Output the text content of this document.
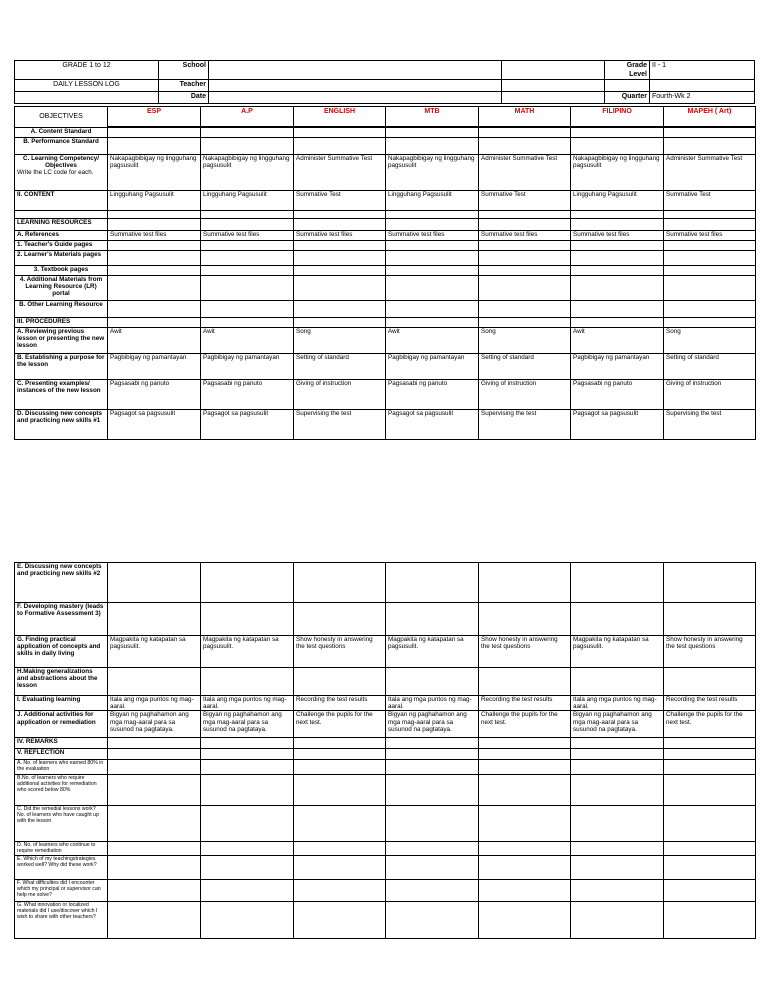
GRADE 1 to 12	School			Grade Level	II - 1
DAILY LESSON LOG	Teacher				
	Date			Quarter	Fourth-Wk 2
OBJECTIVES	ESP	A.P	ENGLISH	MTB	MATH	FILIPINO	MAPEH ( Art)

A. Content Standard							
B. Performance Standard							
C. Learning Competency/ Objectives
Write the LC code for each.	Nakapagbibigay ng lingguhang pagsusulit	Nakapagbibigay ng lingguhang pagsusulit	Administer Summative Test	Nakapagbibigay ng lingguhang pagsusulit	Administer Summative Test	Nakapagbibigay ng lingguhang pagsusulit	Administer Summative Test
II. CONTENT	Lingguhang Pagsusulit	Lingguhang Pagsusulit	Summative Test	Lingguhang Pagsusulit	Summative Test	Lingguhang Pagsusulit	Summative Test

LEARNING RESOURCES							
A. References	Summative test files	Summative test files	Summative test files	Summative test files	Summative test files	Summative test files	Summative test files
1. Teacher's Guide pages							
2. Learner's Materials pages							
3. Textbook pages							
4. Additional Materials from Learning Resource (LR) portal							
B. Other Learning Resource							
III. PROCEDURES							
A. Reviewing previous lesson or presenting the new lesson	Awit	Awit	Song	Awit	Song	Awit	Song
B. Establishing a purpose for the lesson	Pagbibigay ng pamantayan	Pagbibigay ng pamantayan	Setting of standard	Pagbibigay ng pamantayan	Setting of standard	Pagbibigay ng pamantayan	Setting of standard
C. Presenting examples/ instances of the new lesson	Pagsasabi ng panuto	Pagsasabi ng panuto	Giving of instruction	Pagsasabi ng panuto	Giving of instruction	Pagsasabi ng panuto	Giving of instruction
D. Discussing new concepts and practicing new skills #1	Pagsagot sa pagsusulit	Pagsagot sa pagsusulit	Supervising the test	Pagsagot sa pagsusulit	Supervising the test	Pagsagot sa pagsusulit	Supervising the test
E. Discussing new concepts and practicing new skills #2							
F. Developing mastery (leads to Formative Assessment 3)							
G. Finding practical application of concepts and skills in daily living	Magpakita ng katapatan sa pagsusulit.	Magpakita ng katapatan sa pagsusulit.	Show honesty in answering the test questions	Magpakita ng katapatan sa pagsusulit.	Show honesty in answering the test questions	Magpakita ng katapatan sa pagsusulit.	Show honesty in answering the test questions
H.Making generalizations and abstractions about the lesson							
I. Evaluating learning	Itala ang mga puntos ng mag-aaral.	Itala ang mga puntos ng mag-aaral.	Recording the test results	Itala ang mga puntos ng mag-aaral.	Recording the test results	Itala ang mga puntos ng mag-aaral.	Recording the test results
J. Additional activities for application or remediation	Bigyan ng paghahamon ang mga mag-aaral para sa susunod na pagtataya.	Bigyan ng paghahamon ang mga mag-aaral para sa susunod na pagtataya.	Challenge the pupils for the next test.	Bigyan ng paghahamon ang mga mag-aaral para sa susunod na pagtataya.	Challenge the pupils for the next test.	Bigyan ng paghahamon ang mga mag-aaral para sa susunod na pagtataya.	Challenge the pupils for the next test.
IV. REMARKS							
V. REFLECTION							
A. No. of learners who earned 80% in the evaluation							
B.No. of learners who require additional activities for remediation who scored below 80%							
C. Did the remedial lessons work? No. of learners who have caught up with the lesson							
D. No. of learners who continue to require remediation							
E. Which of my teachingstrategies worked well? Why did these work?							
F. What difficulties did I encounter which my principal or supervisor can help me solve?							
G. What innovation or localized materials did I use/discover which I wish to share with other teachers?							
